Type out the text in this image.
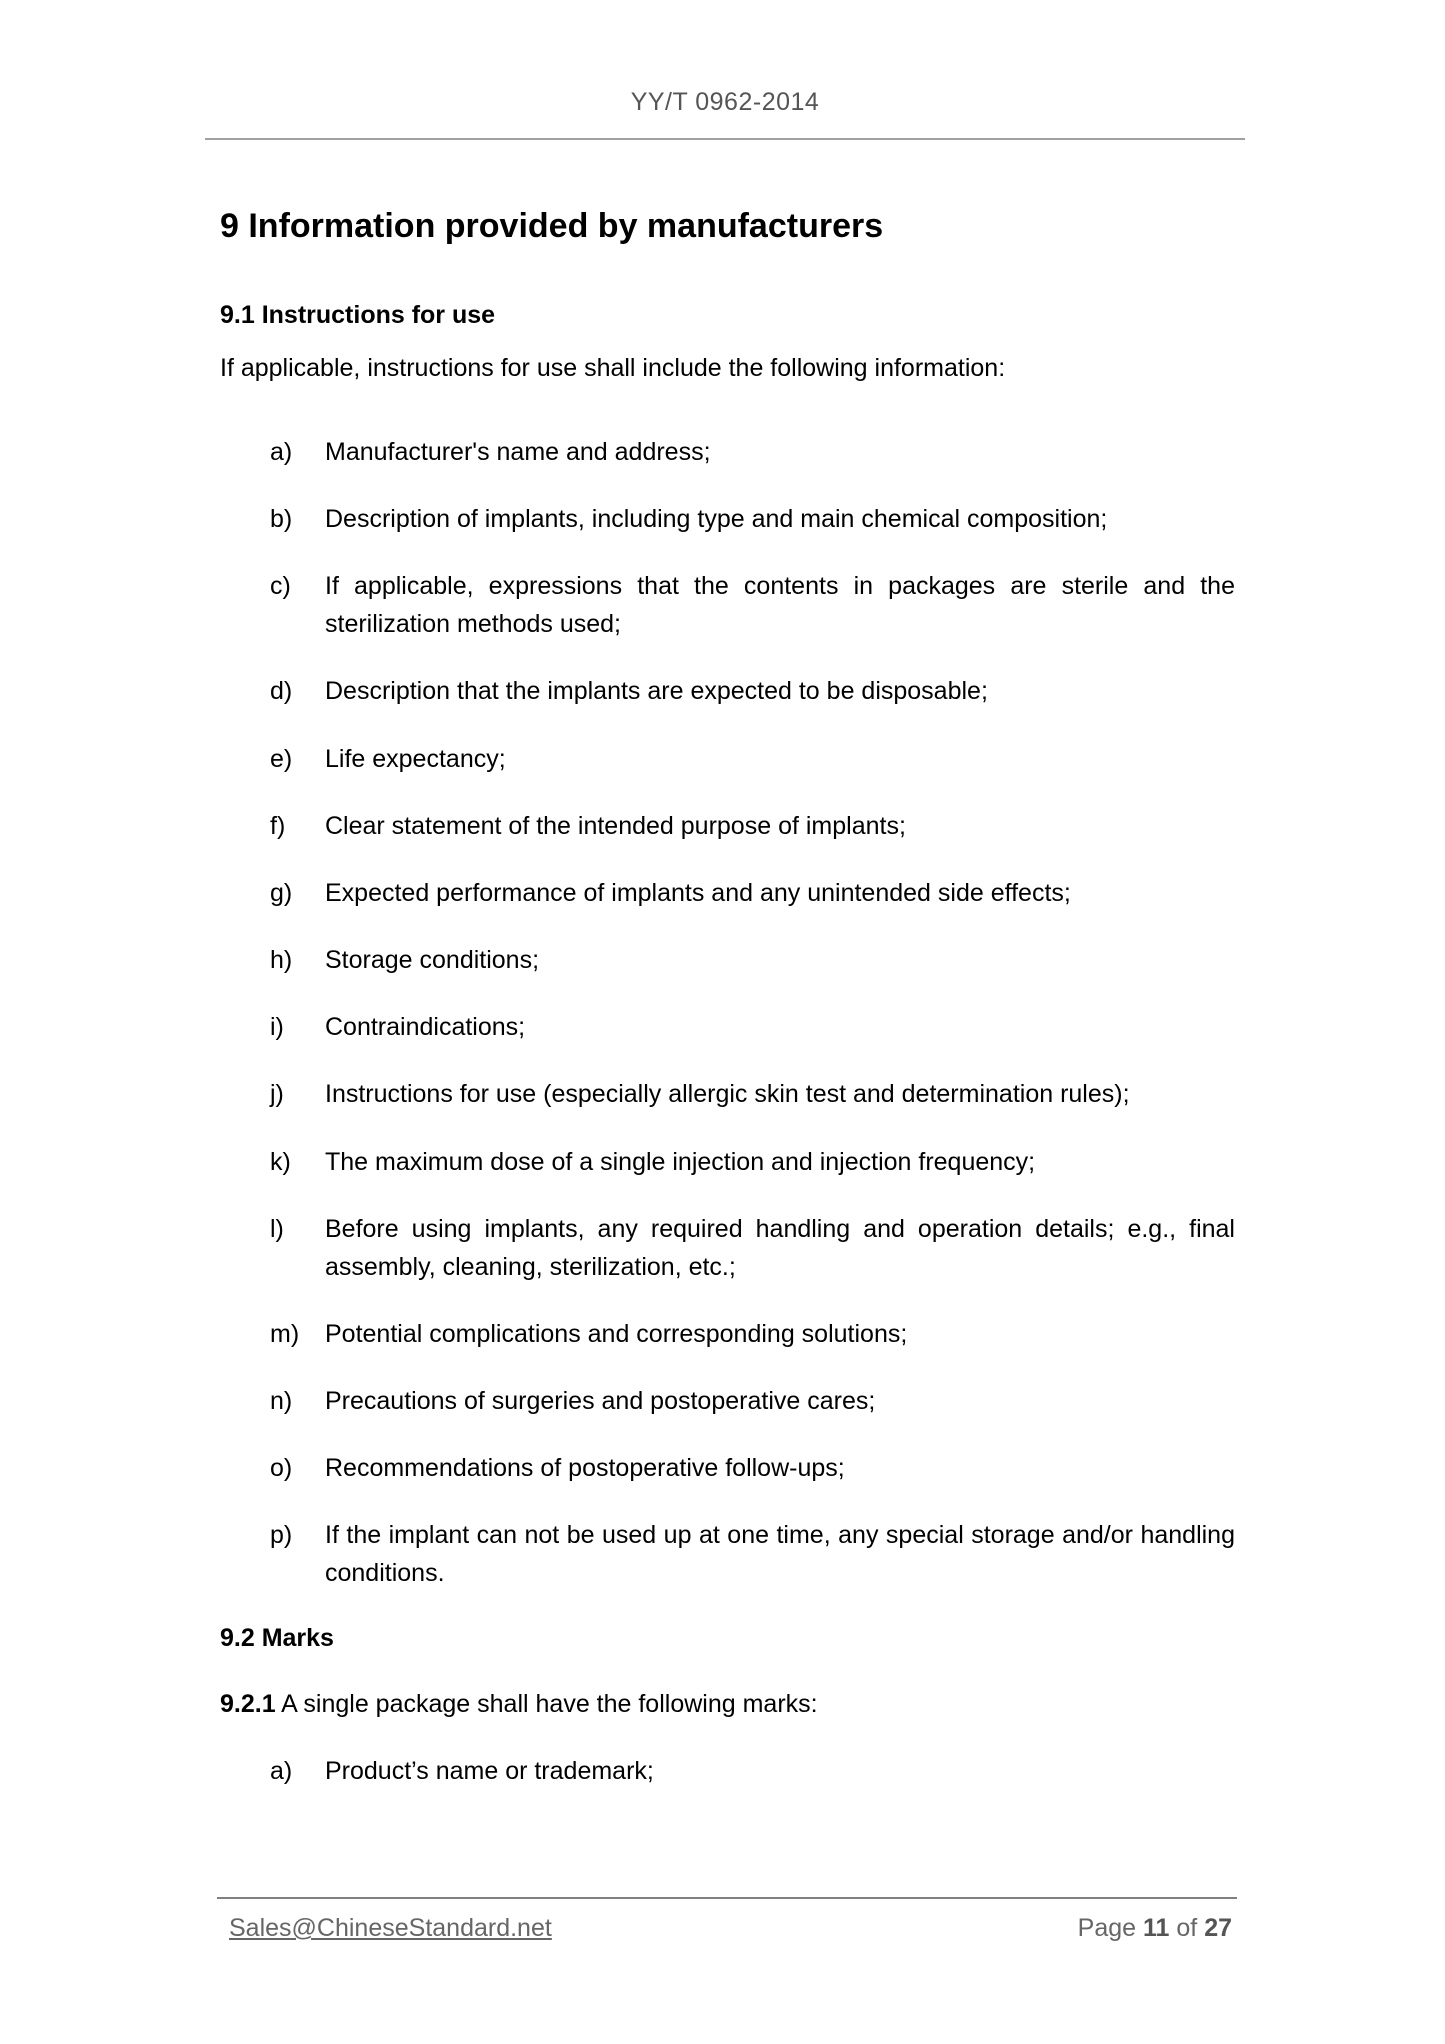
YY/T 0962-2014
9 Information provided by manufacturers
9.1 Instructions for use

If applicable, instructions for use shall include the following information:

a) Manufacturer's name and address;
b) Description of implants, including type and main chemical composition;
c) If applicable, expressions that the contents in packages are sterile and the sterilization methods used;
d) Description that the implants are expected to be disposable;
e) Life expectancy;
f) Clear statement of the intended purpose of implants;
g) Expected performance of implants and any unintended side effects;
h) Storage conditions;
i) Contraindications;
j) Instructions for use (especially allergic skin test and determination rules);
k) The maximum dose of a single injection and injection frequency;
l) Before using implants, any required handling and operation details; e.g., final assembly, cleaning, sterilization, etc.;
m) Potential complications and corresponding solutions;
n) Precautions of surgeries and postoperative cares;
o) Recommendations of postoperative follow-ups;
p) If the implant can not be used up at one time, any special storage and/or handling conditions.
9.2 Marks

9.2.1 A single package shall have the following marks:

a) Product’s name or trademark;
Sales@ChineseStandard.net	Page 11 of 27
